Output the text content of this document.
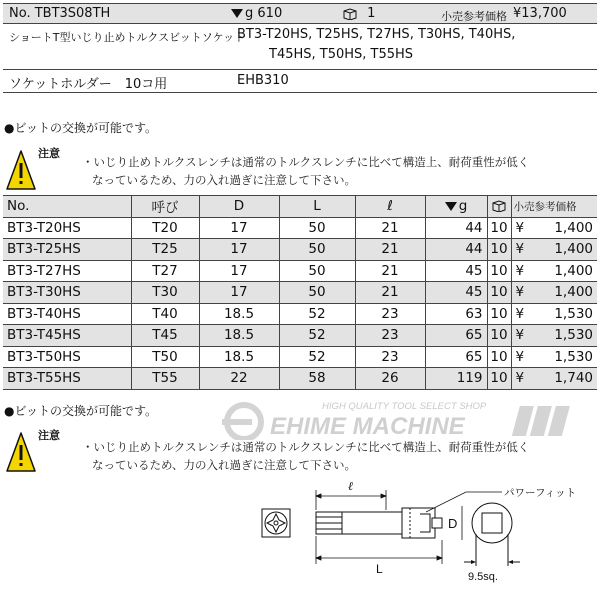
No. TBT3S08TH	g 610	1	小売参考価格 ¥13,700
ショートT型いじり止めトルクスビットソケット
BT3-T20HS, T25HS, T27HS, T30HS, T40HS,
T45HS, T50HS, T55HS
ソケットホルダー　10コ用	EHB310
●ビットの交換が可能です。
注意
・いじり止めトルクスレンチは通常のトルクスレンチに比べて構造上、耐荷重性が低く
なっているため、力の入れ過ぎに注意して下さい。
No.	呼び	D	L	ℓ	g		小売参考価格
BT3-T20HS	T20	17	50	21	44	10	¥ 1,400

BT3-T25HS	T25	17	50	21	44	10	¥ 1,400

BT3-T27HS	T27	17	50	21	45	10	¥ 1,400

BT3-T30HS	T30	17	50	21	45	10	¥ 1,400

BT3-T40HS	T40	18.5	52	23	63	10	¥ 1,530

BT3-T45HS	T45	18.5	52	23	65	10	¥ 1,530

BT3-T50HS	T50	18.5	52	23	65	10	¥ 1,530

BT3-T55HS	T55	22	58	26	119	10	¥ 1,740
HIGH QUALITY TOOL SELECT SHOP
EHIME MACHINE
●ビットの交換が可能です。
注意
・いじり止めトルクスレンチは通常のトルクスレンチに比べて構造上、耐荷重性が低く
なっているため、力の入れ過ぎに注意して下さい。
ℓ
L
D
9.5sq.
パワーフィット
